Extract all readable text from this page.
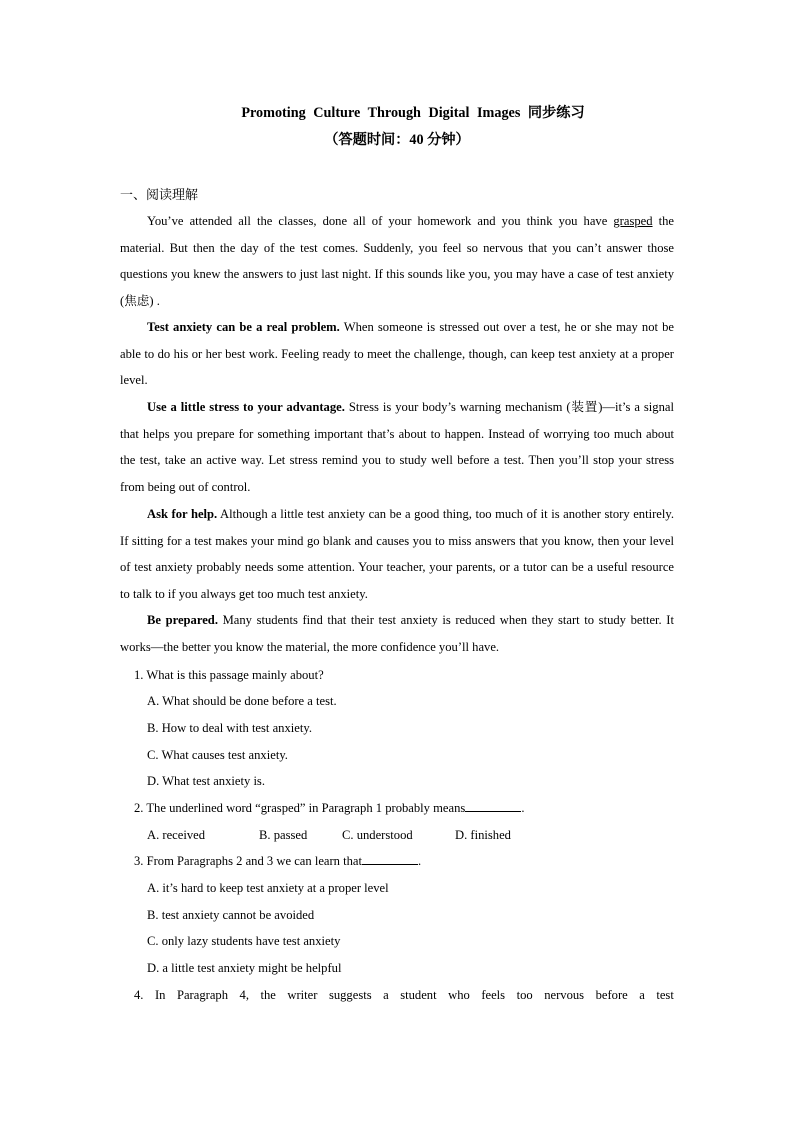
Promoting Culture Through Digital Images 同步练习
（答题时间：40 分钟）
一、阅读理解

You’ve attended all the classes, done all of your homework and you think you have grasped the material. But then the day of the test comes. Suddenly, you feel so nervous that you can’t answer those questions you knew the answers to just last night. If this sounds like you, you may have a case of test anxiety (焦虑) .

Test anxiety can be a real problem. When someone is stressed out over a test, he or she may not be able to do his or her best work. Feeling ready to meet the challenge, though, can keep test anxiety at a proper level.

Use a little stress to your advantage. Stress is your body’s warning mechanism (装置)—it’s a signal that helps you prepare for something important that’s about to happen. Instead of worrying too much about the test, take an active way. Let stress remind you to study well before a test. Then you’ll stop your stress from being out of control.

Ask for help. Although a little test anxiety can be a good thing, too much of it is another story entirely. If sitting for a test makes your mind go blank and causes you to miss answers that you know, then your level of test anxiety probably needs some attention. Your teacher, your parents, or a tutor can be a useful resource to talk to if you always get too much test anxiety.

Be prepared. Many students find that their test anxiety is reduced when they start to study better. It works—the better you know the material, the more confidence you’ll have.

1. What is this passage mainly about?
A. What should be done before a test.
B. How to deal with test anxiety.
C. What causes test anxiety.
D. What test anxiety is.
2. The underlined word “grasped” in Paragraph 1 probably means	.
A. received	B. passed	C. understood	D. finished
3. From Paragraphs 2 and 3 we can learn that	.
A. it’s hard to keep test anxiety at a proper level
B. test anxiety cannot be avoided
C. only lazy students have test anxiety
D. a little test anxiety might be helpful
4. In Paragraph 4, the writer suggests a student who feels too nervous before a test
